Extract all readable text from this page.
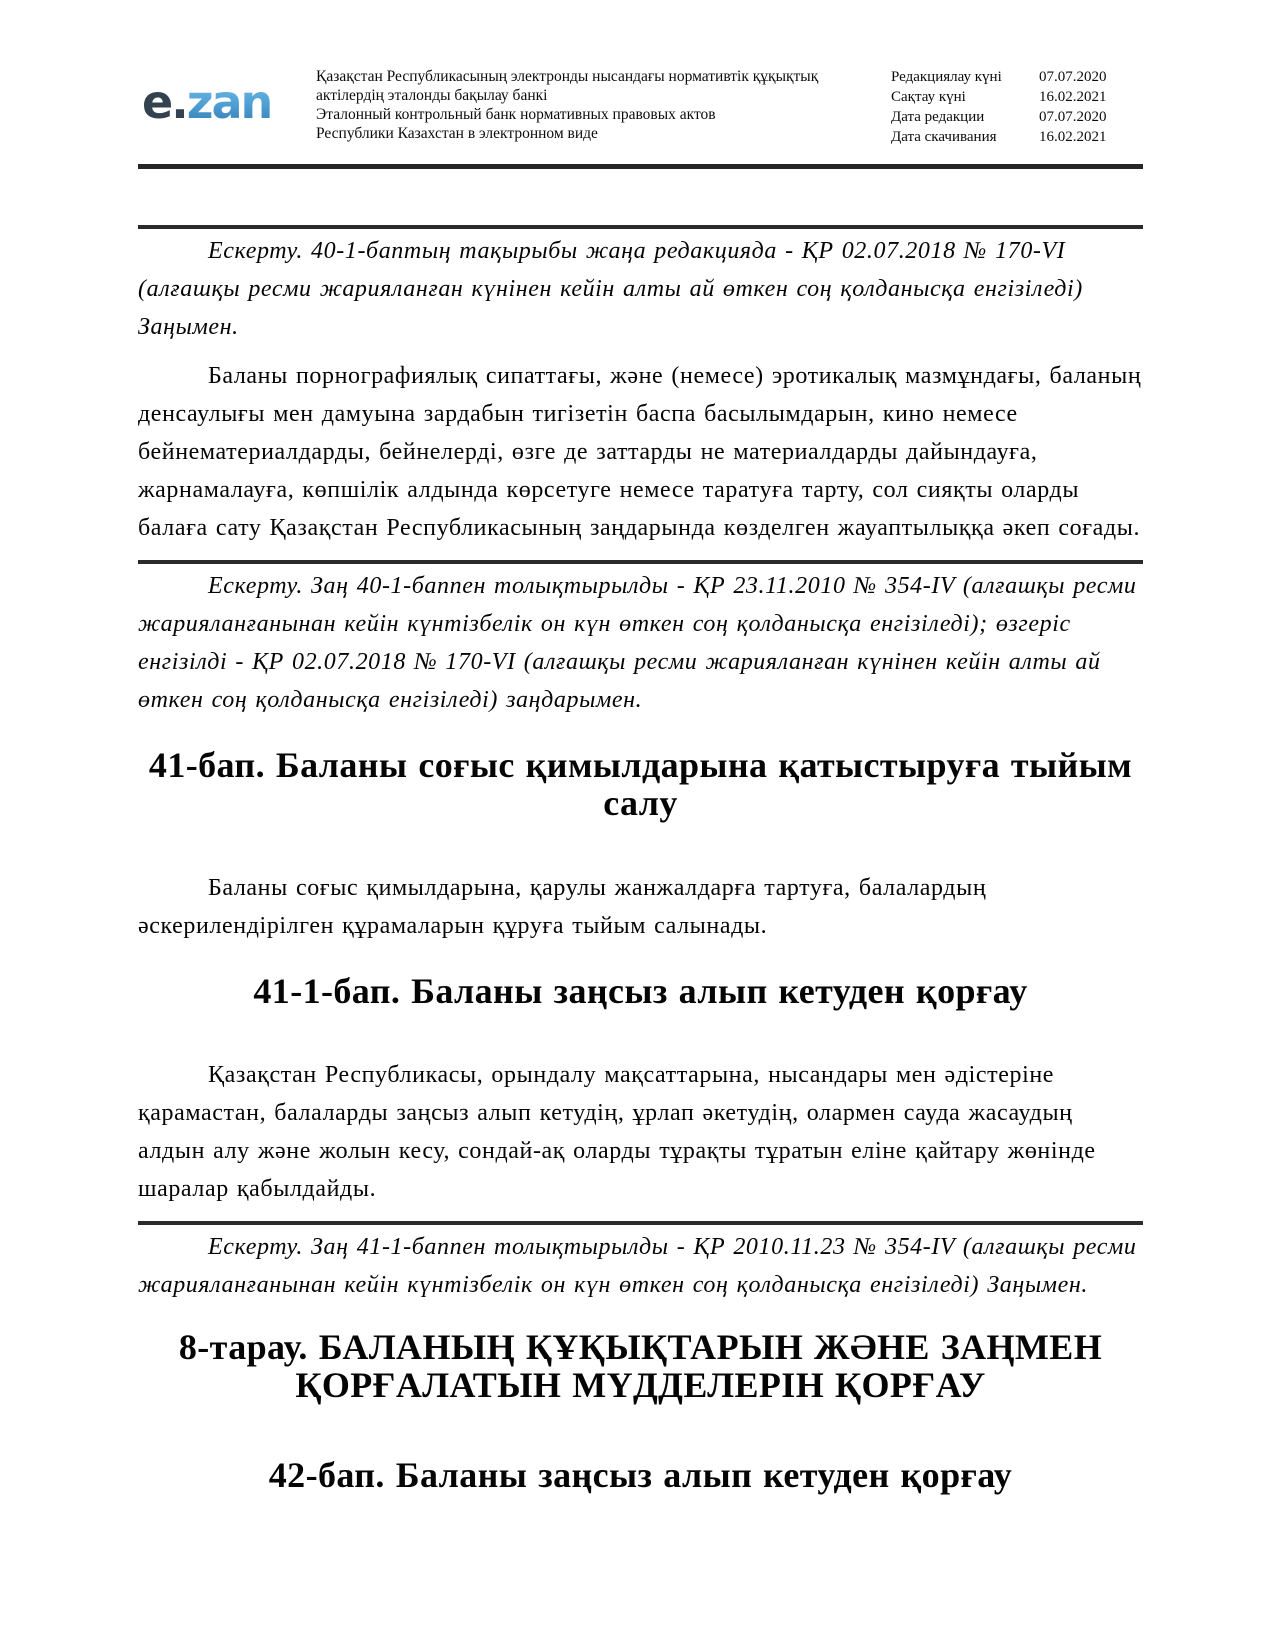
e.zan	Қазақстан Республикасының электронды нысандағы нормативтік құқықтық
актілердің эталонды бақылау банкі
Эталонный контрольный банк нормативных правовых актов
Республики Казахстан в электронном виде
Редакциялау күні	07.07.2020
Сақтау күні	16.02.2021
Дата редакции	07.07.2020
Дата скачивания	16.02.2021

Ескерту. 40-1-баптың тақырыбы жаңа редакцияда - ҚР 02.07.2018 № 170-VI (алғашқы ресми жарияланған күнінен кейін алты ай өткен соң қолданысқа енгізіледі) Заңымен.

Баланы порнографиялық сипаттағы, және (немесе) эротикалық мазмұндағы, баланың денсаулығы мен дамуына зардабын тигізетін баспа басылымдарын, кино немесе бейнематериалдарды, бейнелерді, өзге де заттарды не материалдарды дайындауға, жарнамалауға, көпшілік алдында көрсетуге немесе таратуға тарту, сол сияқты оларды балаға сату Қазақстан Республикасының заңдарында көзделген жауаптылыққа әкеп соғады.

Ескерту. Заң 40-1-баппен толықтырылды - ҚР 23.11.2010 № 354-IV (алғашқы ресми жарияланғанынан кейін күнтізбелік он күн өткен соң қолданысқа енгізіледі); өзгеріс енгізілді - ҚР 02.07.2018 № 170-VI (алғашқы ресми жарияланған күнінен кейін алты ай өткен соң қолданысқа енгізіледі) заңдарымен.

41-бап. Баланы соғыс қимылдарына қатыстыруға тыйым салу

Баланы соғыс қимылдарына, қарулы жанжалдарға тартуға, балалардың әскерилендірілген құрамаларын құруға тыйым салынады.

41-1-бап. Баланы заңсыз алып кетуден қорғау

Қазақстан Республикасы, орындалу мақсаттарына, нысандары мен әдістеріне қарамастан, балаларды заңсыз алып кетудің, ұрлап әкетудің, олармен сауда жасаудың алдын алу және жолын кесу, сондай-ақ оларды тұрақты тұратын еліне қайтару жөнінде шаралар қабылдайды.

Ескерту. Заң 41-1-баппен толықтырылды - ҚР 2010.11.23 № 354-IV (алғашқы ресми жарияланғанынан кейін күнтізбелік он күн өткен соң қолданысқа енгізіледі) Заңымен.

8-тарау. БАЛАНЫҢ ҚҰҚЫҚТАРЫН ЖӘНЕ ЗАҢМЕН ҚОРҒАЛАТЫН МҮДДЕЛЕРІН ҚОРҒАУ
42-бап. Баланы заңсыз алып кетуден қорғау
